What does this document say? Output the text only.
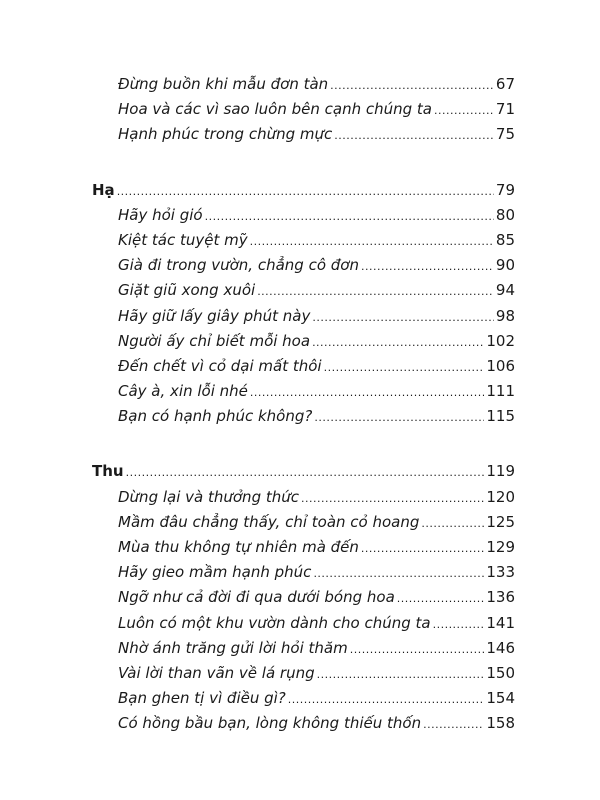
Đừng buồn khi mẫu đơn tàn .....	67
Hoa và các vì sao luôn bên cạnh chúng ta .....	71
Hạnh phúc trong chừng mực .....	75
Hạ .....	79
Hãy hỏi gió .....	80
Kiệt tác tuyệt mỹ .....	85
Già đi trong vườn, chẳng cô đơn .....	90
Giặt giũ xong xuôi .....	94
Hãy giữ lấy giây phút này .....	98
Người ấy chỉ biết mỗi hoa .....	102
Đến chết vì cỏ dại mất thôi .....	106
Cây à, xin lỗi nhé .....	111
Bạn có hạnh phúc không? .....	115
Thu .....	119
Dừng lại và thưởng thức .....	120
Mầm đâu chẳng thấy, chỉ toàn cỏ hoang .....	125
Mùa thu không tự nhiên mà đến .....	129
Hãy gieo mầm hạnh phúc .....	133
Ngỡ như cả đời đi qua dưới bóng hoa .....	136
Luôn có một khu vườn dành cho chúng ta .....	141
Nhờ ánh trăng gửi lời hỏi thăm .....	146
Vài lời than vãn về lá rụng .....	150
Bạn ghen tị vì điều gì? .....	154
Có hồng bầu bạn, lòng không thiếu thốn .....	158
